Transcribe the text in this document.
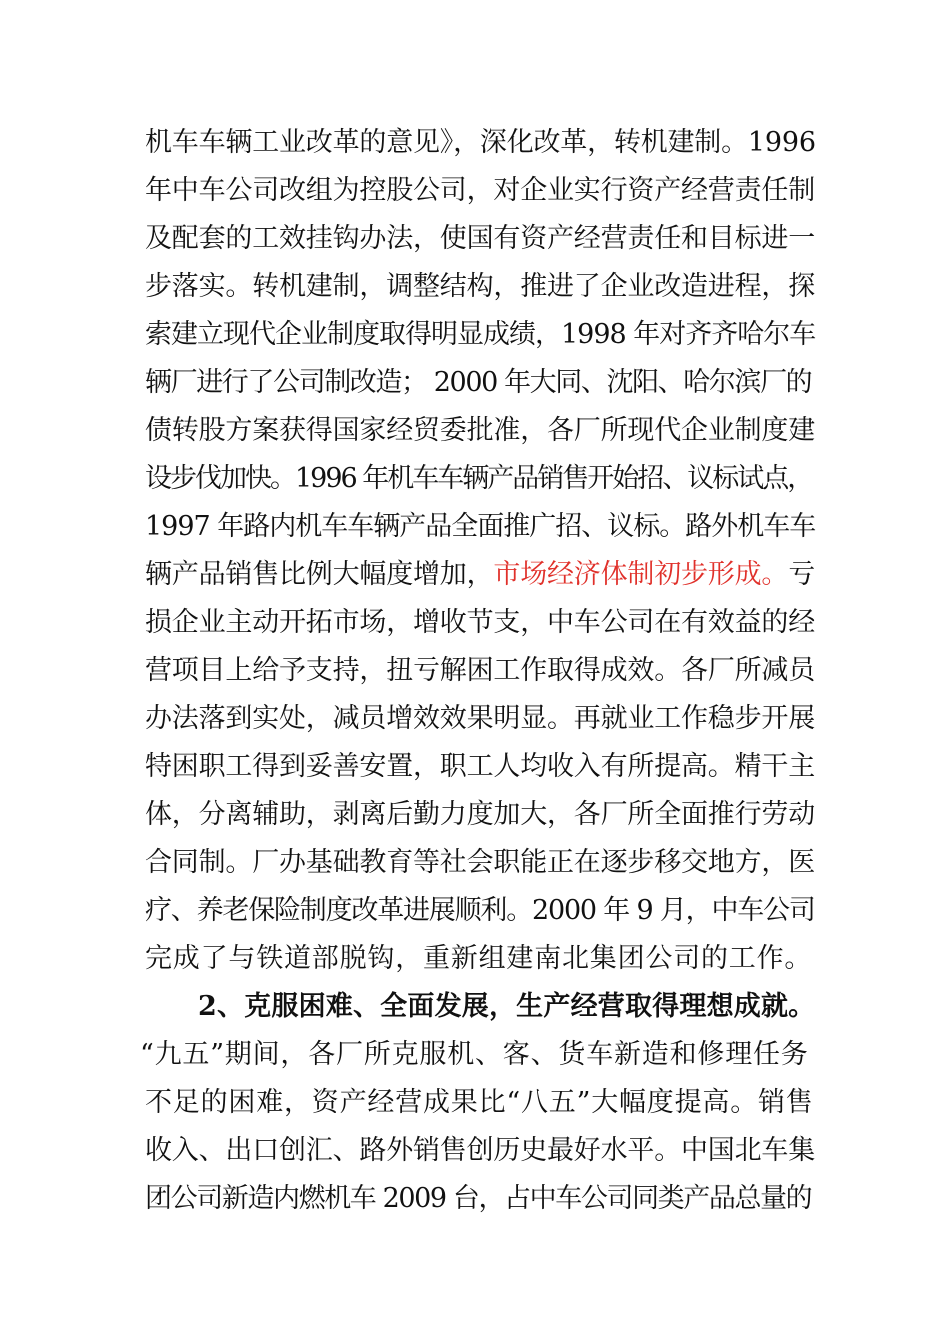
机车车辆工业改革的意见》，深化改革，转机建制。1996
年中车公司改组为控股公司，对企业实行资产经营责任制
及配套的工效挂钩办法，使国有资产经营责任和目标进一
步落实。转机建制，调整结构，推进了企业改造进程，探
索建立现代企业制度取得明显成绩，1998 年对齐齐哈尔车
辆厂进行了公司制改造； 2000 年大同、沈阳、哈尔滨厂的
债转股方案获得国家经贸委批准，各厂所现代企业制度建
设步伐加快。1996 年机车车辆产品销售开始招、议标试点，
1997 年路内机车车辆产品全面推广招、议标。路外机车车
辆产品销售比例大幅度增加，市场经济体制初步形成。亏
损企业主动开拓市场，增收节支，中车公司在有效益的经
营项目上给予支持，扭亏解困工作取得成效。各厂所减员
办法落到实处，减员增效效果明显。再就业工作稳步开展
特困职工得到妥善安置，职工人均收入有所提高。精干主
体，分离辅助，剥离后勤力度加大，各厂所全面推行劳动
合同制。厂办基础教育等社会职能正在逐步移交地方，医
疗、养老保险制度改革进展顺利。2000 年 9 月，中车公司
完成了与铁道部脱钩，重新组建南北集团公司的工作。
2、克服困难、全面发展，生产经营取得理想成就。
“九五”期间，各厂所克服机、客、货车新造和修理任务
不足的困难，资产经营成果比“八五”大幅度提高。销售
收入、出口创汇、路外销售创历史最好水平。中国北车集
团公司新造内燃机车 2009 台，占中车公司同类产品总量的
